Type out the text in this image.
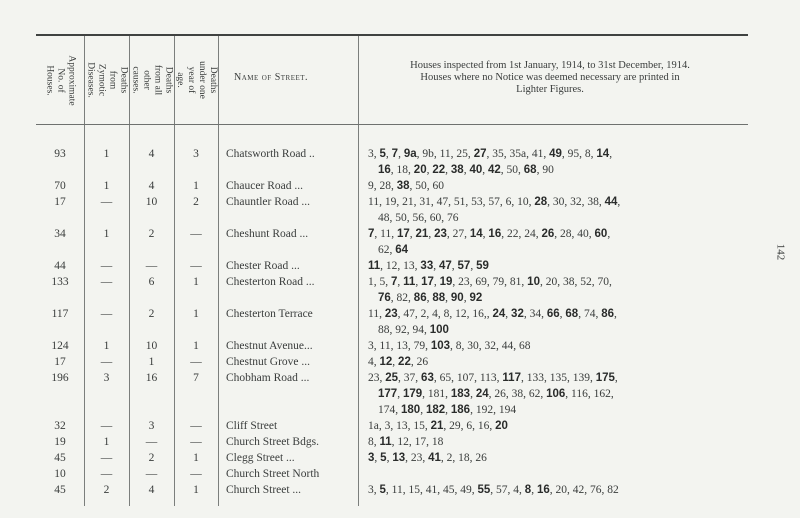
Approximate No. of Houses.	Deaths from Zymotic Diseases.	Deaths from all other causes.	Deaths under one year of age.	Name of Street.
Houses inspected from 1st January, 1914, to 31st December, 1914.
Houses where no Notice was deemed necessary are printed in
Lighter Figures.
93	1	4	3	Chatsworth Road ..	3, 5, 7, 9a, 9b, 11, 25, 27, 35, 35a, 41, 49, 95, 8, 14,
16, 18, 20, 22, 38, 40, 42, 50, 68, 90
70	1	4	1	Chaucer Road ...	9, 28, 38, 50, 60
17	—	10	2	Chauntler Road ...	11, 19, 21, 31, 47, 51, 53, 57, 6, 10, 28, 30, 32, 38, 44,
48, 50, 56, 60, 76
34	1	2	—	Cheshunt Road ...	7, 11, 17, 21, 23, 27, 14, 16, 22, 24, 26, 28, 40, 60,
62, 64
44	—	—	—	Chester Road ...	11, 12, 13, 33, 47, 57, 59
133	—	6	1	Chesterton Road ...	1, 5, 7, 11, 17, 19, 23, 69, 79, 81, 10, 20, 38, 52, 70,
76, 82, 86, 88, 90, 92
117	—	2	1	Chesterton Terrace	11, 23, 47, 2, 4, 8, 12, 16,, 24, 32, 34, 66, 68, 74, 86,
88, 92, 94, 100
124	1	10	1	Chestnut Avenue...	3, 11, 13, 79, 103, 8, 30, 32, 44, 68
17	—	1	—	Chestnut Grove ...	4, 12, 22, 26
196	3	16	7	Chobham Road ...	23, 25, 37, 63, 65, 107, 113, 117, 133, 135, 139, 175,
177, 179, 181, 183, 24, 26, 38, 62, 106, 116, 162,
174, 180, 182, 186, 192, 194
32	—	3	—	Cliff Street	1a, 3, 13, 15, 21, 29, 6, 16, 20
19	1	—	—	Church Street Bdgs.	8, 11, 12, 17, 18
45	—	2	1	Clegg Street ...	3, 5, 13, 23, 41, 2, 18, 26
10	—	—	—	Church Street North
45	2	4	1	Church Street ...	3, 5, 11, 15, 41, 45, 49, 55, 57, 4, 8, 16, 20, 42, 76, 82
142
